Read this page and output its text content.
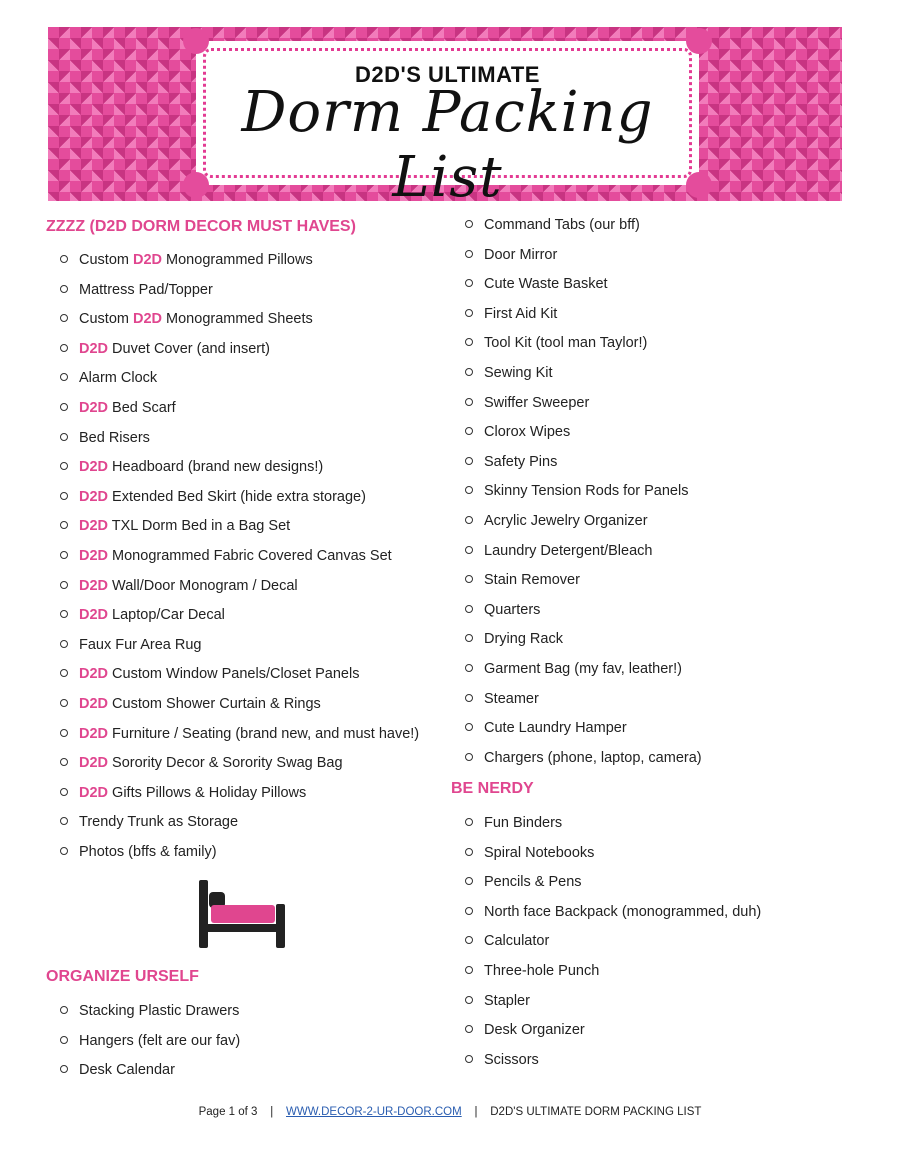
D2D'S ULTIMATE
Dorm Packing List
ZZZZ (D2D DORM DECOR MUST HAVES)
Custom D2D Monogrammed Pillows
Mattress Pad/Topper
Custom D2D Monogrammed Sheets
D2D Duvet Cover (and insert)
Alarm Clock
D2D Bed Scarf
Bed Risers
D2D Headboard (brand new designs!)
D2D Extended Bed Skirt (hide extra storage)
D2D TXL Dorm Bed in a Bag Set
D2D Monogrammed Fabric Covered Canvas Set
D2D Wall/Door Monogram / Decal
D2D Laptop/Car Decal
Faux Fur Area Rug
D2D Custom Window Panels/Closet Panels
D2D Custom Shower Curtain & Rings
D2D Furniture / Seating (brand new, and must have!)
D2D Sorority Decor & Sorority Swag Bag
D2D Gifts Pillows & Holiday Pillows
Trendy Trunk as Storage
Photos (bffs & family)
ORGANIZE URSELF
Stacking Plastic Drawers
Hangers (felt are our fav)
Desk Calendar
Command Tabs (our bff)
Door Mirror
Cute Waste Basket
First Aid Kit
Tool Kit (tool man Taylor!)
Sewing Kit
Swiffer Sweeper
Clorox Wipes
Safety Pins
Skinny Tension Rods for Panels
Acrylic Jewelry Organizer
Laundry Detergent/Bleach
Stain Remover
Quarters
Drying Rack
Garment Bag (my fav, leather!)
Steamer
Cute Laundry Hamper
Chargers (phone, laptop, camera)
BE NERDY
Fun Binders
Spiral Notebooks
Pencils & Pens
North face Backpack (monogrammed, duh)
Calculator
Three-hole Punch
Stapler
Desk Organizer
Scissors
Page 1 of 3 | WWW.DECOR-2-UR-DOOR.COM | D2D'S ULTIMATE DORM PACKING LIST
